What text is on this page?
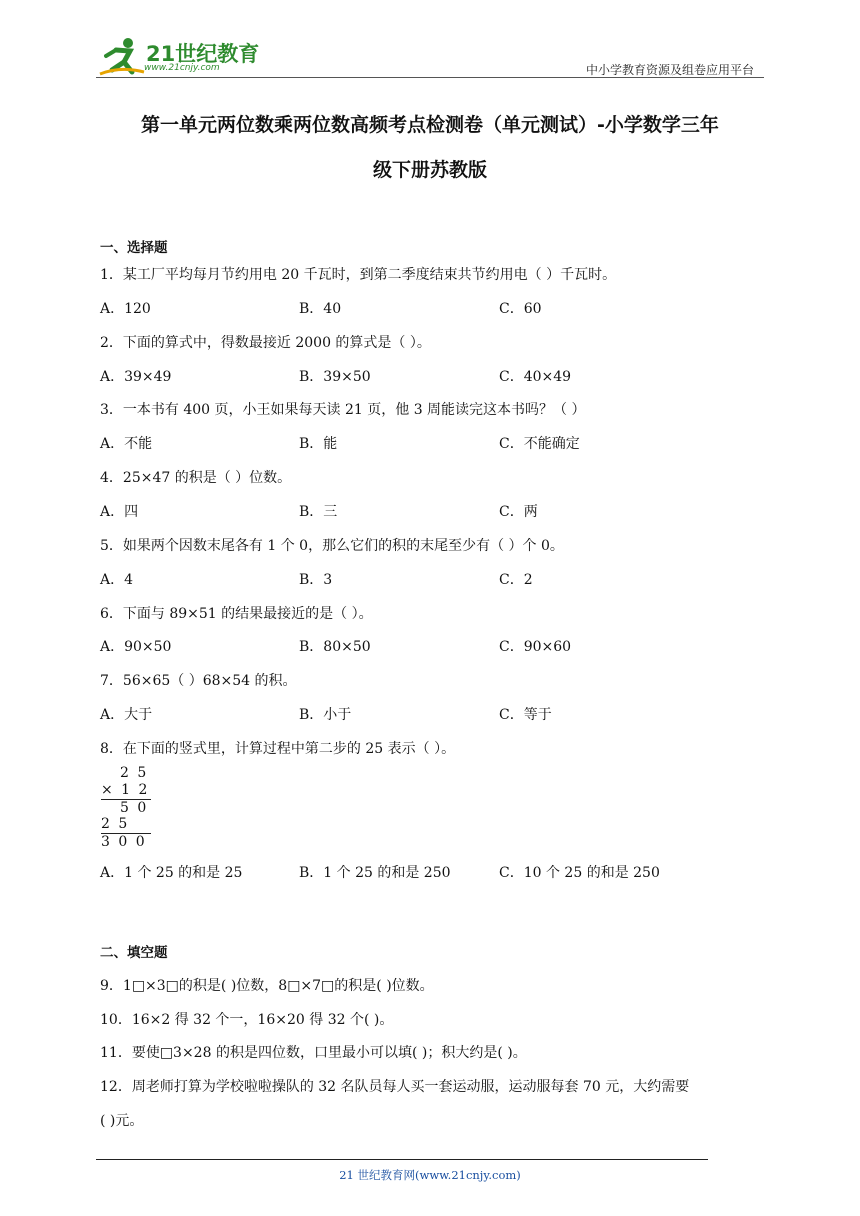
21世纪教育
www.21cnjy.com	中小学教育资源及组卷应用平台
第一单元两位数乘两位数高频考点检测卷（单元测试）-小学数学三年
级下册苏教版
一、选择题
1．某工厂平均每月节约用电 20 千瓦时，到第二季度结束共节约用电（ ）千瓦时。
A．120	B．40	C．60
2．下面的算式中，得数最接近 2000 的算式是（ ）。
A．39×49	B．39×50	C．40×49
3．一本书有 400 页，小王如果每天读 21 页，他 3 周能读完这本书吗？（ ）
A．不能	B．能	C．不能确定
4．25×47 的积是（ ）位数。
A．四	B．三	C．两
5．如果两个因数末尾各有 1 个 0，那么它们的积的末尾至少有（ ）个 0。
A．4	B．3	C．2
6．下面与 89×51 的结果最接近的是（ ）。
A．90×50	B．80×50	C．90×60
7．56×65（ ）68×54 的积。
A．大于	B．小于	C．等于
8．在下面的竖式里，计算过程中第二步的 25 表示（ ）。
2 5
× 1 2
5 0
2 5
3 0 0
A．1 个 25 的和是 25	B．1 个 25 的和是 250	C．10 个 25 的和是 250
二、填空题
9．1□×3□的积是( )位数，8□×7□的积是( )位数。
10．16×2 得 32 个一，16×20 得 32 个( )。
11．要使□3×28 的积是四位数，口里最小可以填( )；积大约是( )。
12．周老师打算为学校啦啦操队的 32 名队员每人买一套运动服，运动服每套 70 元，大约需要
( )元。
21 世纪教育网(www.21cnjy.com)
